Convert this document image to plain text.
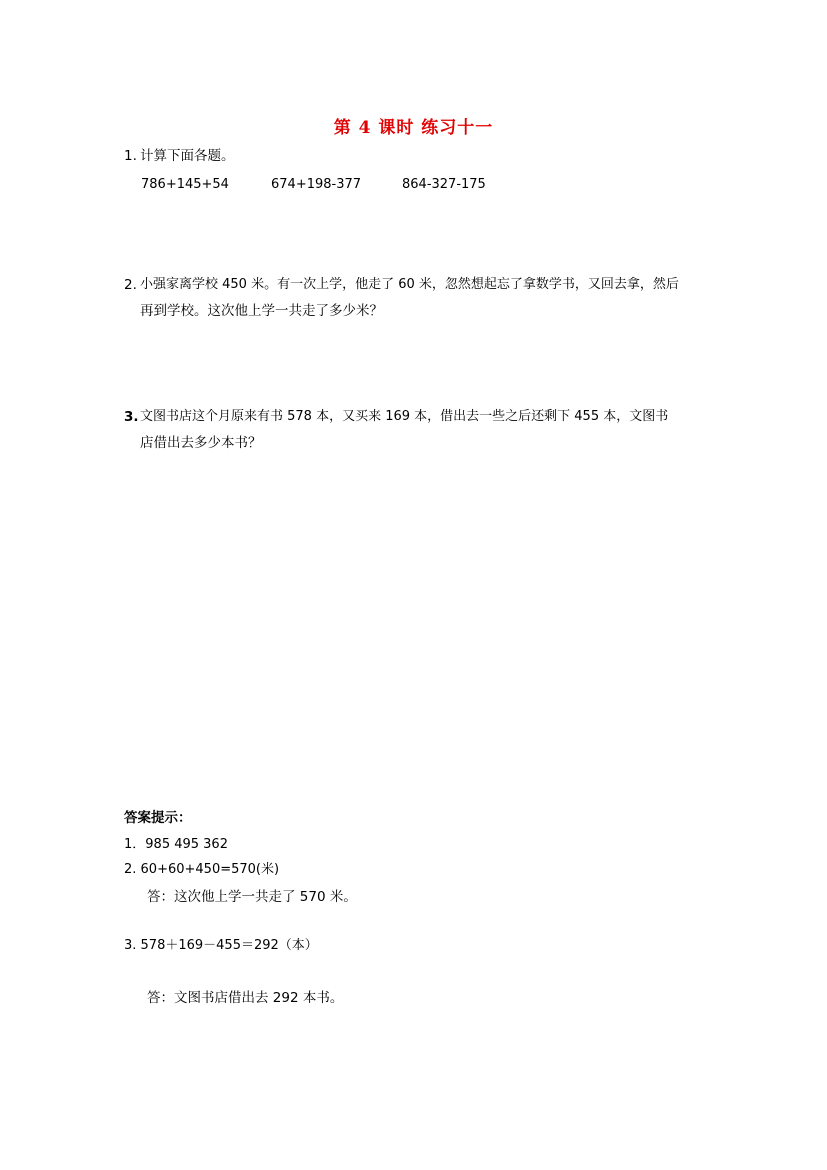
第 4 课时 练习十一
1. 计算下面各题。
786+145+54	674+198-377	864-327-175
2. 小强家离学校 450 米。有一次上学，他走了 60 米，忽然想起忘了拿数学书，又回去拿，然后
再到学校。这次他上学一共走了多少米？
3. 文图书店这个月原来有书 578 本，又买来 169 本，借出去一些之后还剩下 455 本，文图书
店借出去多少本书？
答案提示：
1．985 495 362
2. 60+60+450=570(米)
答：这次他上学一共走了 570 米。
3. 578＋169－455＝292（本）
答：文图书店借出去 292 本书。
